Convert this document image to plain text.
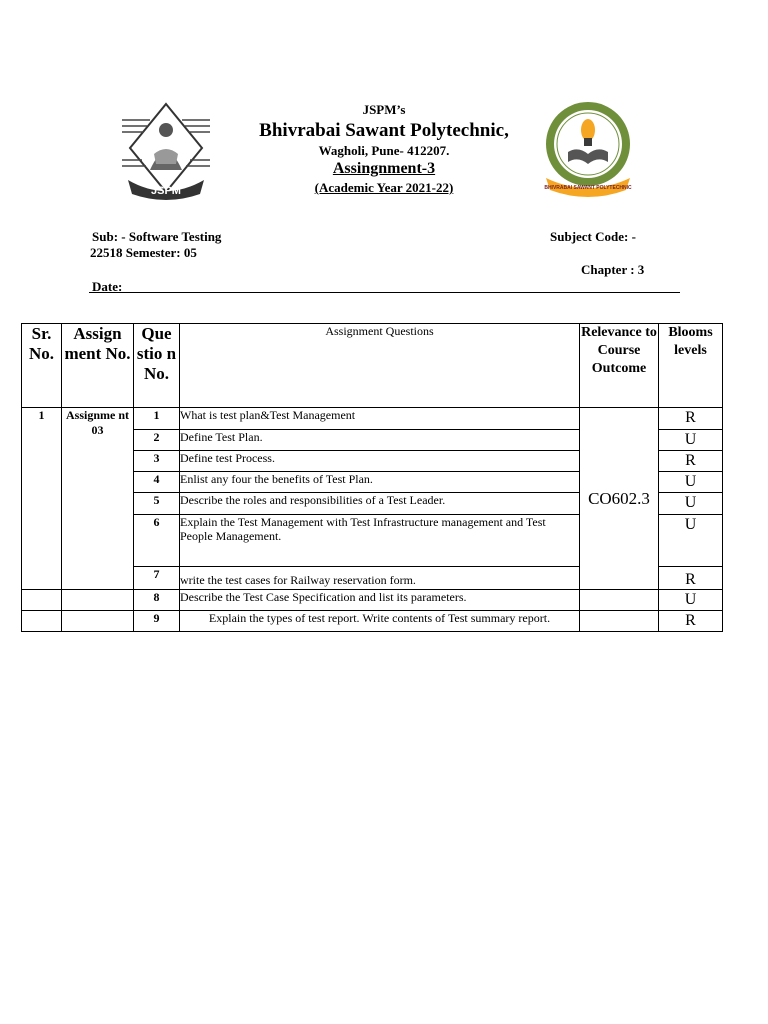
JSPM	BHIVRABAI SAWANT POLYTECHNIC
JSPM’s
Bhivrabai Sawant Polytechnic,
Wagholi, Pune- 412207.
Assingnment-3
(Academic Year 2021-22)
Sub: - Software Testing
22518 Semester: 05
Subject Code: -
Chapter : 3
Date:
Sr. No.	Assign ment No.	Que stio n No.	Assignment Questions	Relevance to Course Outcome	Blooms levels
1	Assignme nt 03	1	What is test plan&Test Management	CO602.3	R
		2	Define Test Plan.		U
		3	Define test Process.		R
		4	Enlist any four the benefits of Test Plan.		U
		5	Describe the roles and responsibilities of a Test Leader.		U
		6	Explain the Test Management with Test Infrastructure management and Test People Management.		U
		7	write the test cases for Railway reservation form.		R
		8	Describe the Test Case Specification and list its parameters.		U
		9	Explain the types of test report. Write contents of Test summary report.		R
